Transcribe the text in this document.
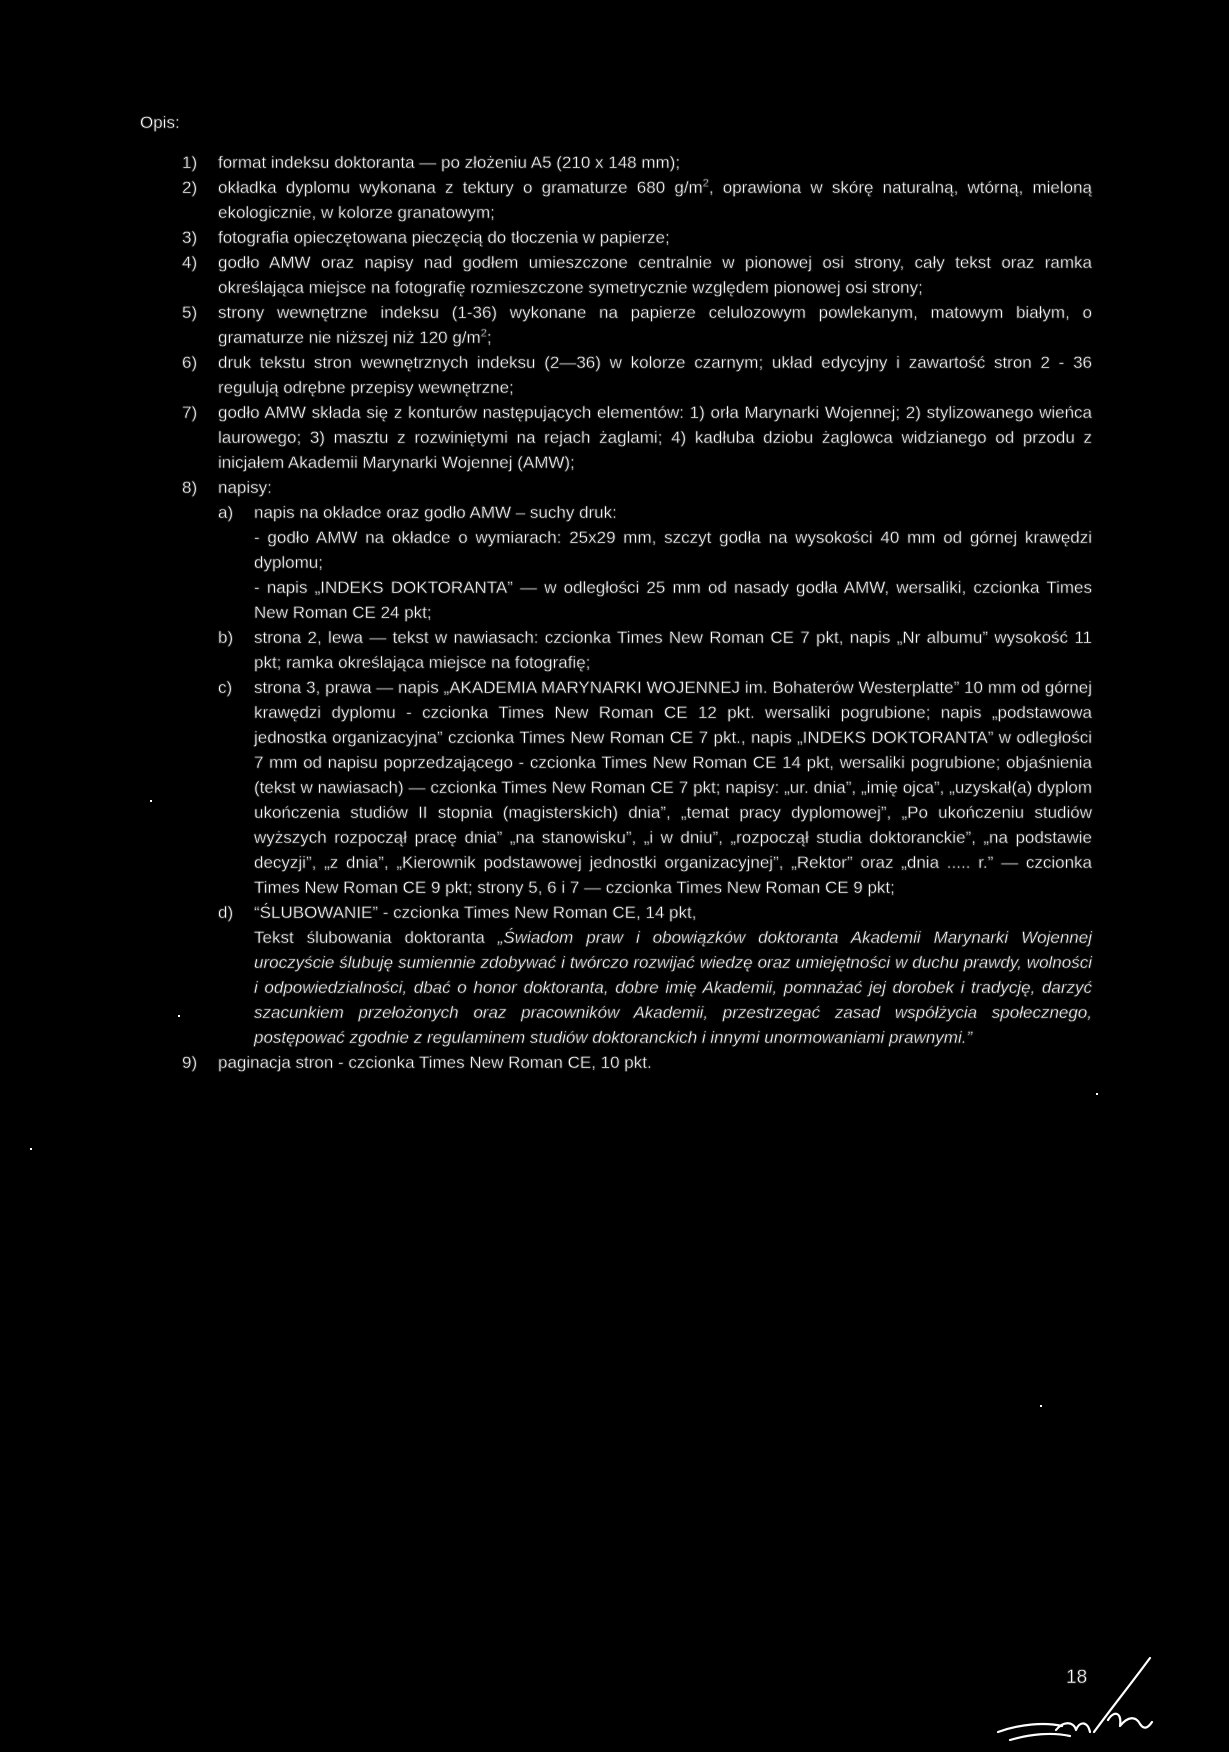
Opis:
1) format indeksu doktoranta — po złożeniu A5 (210 x 148 mm);
2) okładka dyplomu wykonana z tektury o gramaturze 680 $g/m^2$, oprawiona w skórę naturalną, wtórną, mieloną ekologicznie, w kolorze granatowym;
3) fotografia opieczętowana pieczęcią do tłoczenia w papierze;
4) godło AMW oraz napisy nad godłem umieszczone centralnie w pionowej osi strony, cały tekst oraz ramka określająca miejsce na fotografię rozmieszczone symetrycznie względem pionowej osi strony;
5) strony wewnętrzne indeksu (1-36) wykonane na papierze celulozowym powlekanym, matowym białym, o gramaturze nie niższej niż 120 $g/m^2$;
6) druk tekstu stron wewnętrznych indeksu (2—36) w kolorze czarnym; układ edycyjny i zawartość stron 2 - 36 regulują odrębne przepisy wewnętrzne;
7) godło AMW składa się z konturów następujących elementów: 1) orła Marynarki Wojennej; 2) stylizowanego wieńca laurowego; 3) masztu z rozwiniętymi na rejach żaglami; 4) kadłuba dziobu żaglowca widzianego od przodu z inicjałem Akademii Marynarki Wojennej (AMW);
8) napisy:
a) napis na okładce oraz godło AMW – suchy druk:
- godło AMW na okładce o wymiarach: 25x29 mm, szczyt godła na wysokości 40 mm od górnej krawędzi dyplomu;
- napis „INDEKS DOKTORANTA” — w odległości 25 mm od nasady godła AMW, wersaliki, czcionka Times New Roman CE 24 pkt;
b) strona 2, lewa — tekst w nawiasach: czcionka Times New Roman CE 7 pkt, napis „Nr albumu” wysokość 11 pkt; ramka określająca miejsce na fotografię;
c) strona 3, prawa — napis „AKADEMIA MARYNARKI WOJENNEJ im. Bohaterów Westerplatte” 10 mm od górnej krawędzi dyplomu - czcionka Times New Roman CE 12 pkt. wersaliki pogrubione; napis „podstawowa jednostka organizacyjna” czcionka Times New Roman CE 7 pkt., napis „INDEKS DOKTORANTA” w odległości 7 mm od napisu poprzedzającego - czcionka Times New Roman CE 14 pkt, wersaliki pogrubione; objaśnienia (tekst w nawiasach) — czcionka Times New Roman CE 7 pkt; napisy: „ur. dnia”, „imię ojca”, „uzyskał(a) dyplom ukończenia studiów II stopnia (magisterskich) dnia”, „temat pracy dyplomowej”, „Po ukończeniu studiów wyższych rozpoczął pracę dnia” „na stanowisku”, „i w dniu”, „rozpoczął studia doktoranckie”, „na podstawie decyzji”, „z dnia”, „Kierownik podstawowej jednostki organizacyjnej”, „Rektor” oraz „dnia ..... r.” — czcionka Times New Roman CE 9 pkt; strony 5, 6 i 7 — czcionka Times New Roman CE 9 pkt;
d) “ŚLUBOWANIE” - czcionka Times New Roman CE, 14 pkt,
Tekst ślubowania doktoranta „Świadom praw i obowiązków doktoranta Akademii Marynarki Wojennej uroczyście ślubuję sumiennie zdobywać i twórczo rozwijać wiedzę oraz umiejętności w duchu prawdy, wolności i odpowiedzialności, dbać o honor doktoranta, dobre imię Akademii, pomnażać jej dorobek i tradycję, darzyć szacunkiem przełożonych oraz pracowników Akademii, przestrzegać zasad współżycia społecznego, postępować zgodnie z regulaminem studiów doktoranckich i innymi unormowaniami prawnymi.”
9) paginacja stron - czcionka Times New Roman CE, 10 pkt.
18
